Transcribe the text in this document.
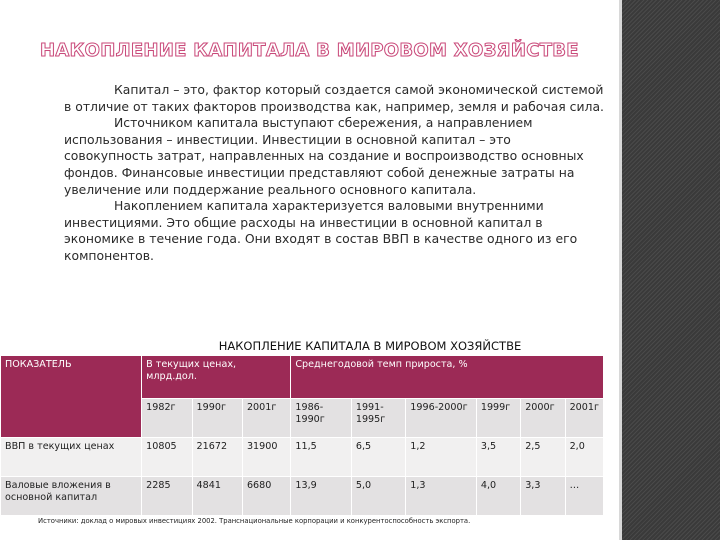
НАКОПЛЕНИЕ КАПИТАЛА В МИРОВОМ ХОЗЯЙСТВЕ

Капитал – это, фактор который создается самой экономической системой в отличие от таких факторов производства как, например, земля и рабочая сила.

Источником капитала выступают сбережения, а направлением использования – инвестиции. Инвестиции в основной капитал – это совокупность затрат, направленных на создание и воспроизводство основных фондов. Финансовые инвестиции представляют собой денежные затраты на увеличение или поддержание реального основного капитала.

Накоплением капитала характеризуется валовыми внутренними инвестициями. Это общие расходы на инвестиции в основной капитал в экономике в течение года. Они входят в состав ВВП в качестве одного из его компонентов.

НАКОПЛЕНИЕ КАПИТАЛА В МИРОВОМ ХОЗЯЙСТВЕ
ПОКАЗАТЕЛЬ	В текущих ценах, млрд.дол.			Среднегодовой темп прироста, %					
	1982г	1990г	2001г	1986-1990г	1991-1995г	1996-2000г	1999г	2000г	2001г
ВВП в текущих ценах	10805	21672	31900	11,5	6,5	1,2	3,5	2,5	2,0
Валовые вложения в основной капитал	2285	4841	6680	13,9	5,0	1,3	4,0	3,3	…
Источники: доклад о мировых инвестициях 2002. Транснациональные корпорации и конкурентоспособность экспорта.
